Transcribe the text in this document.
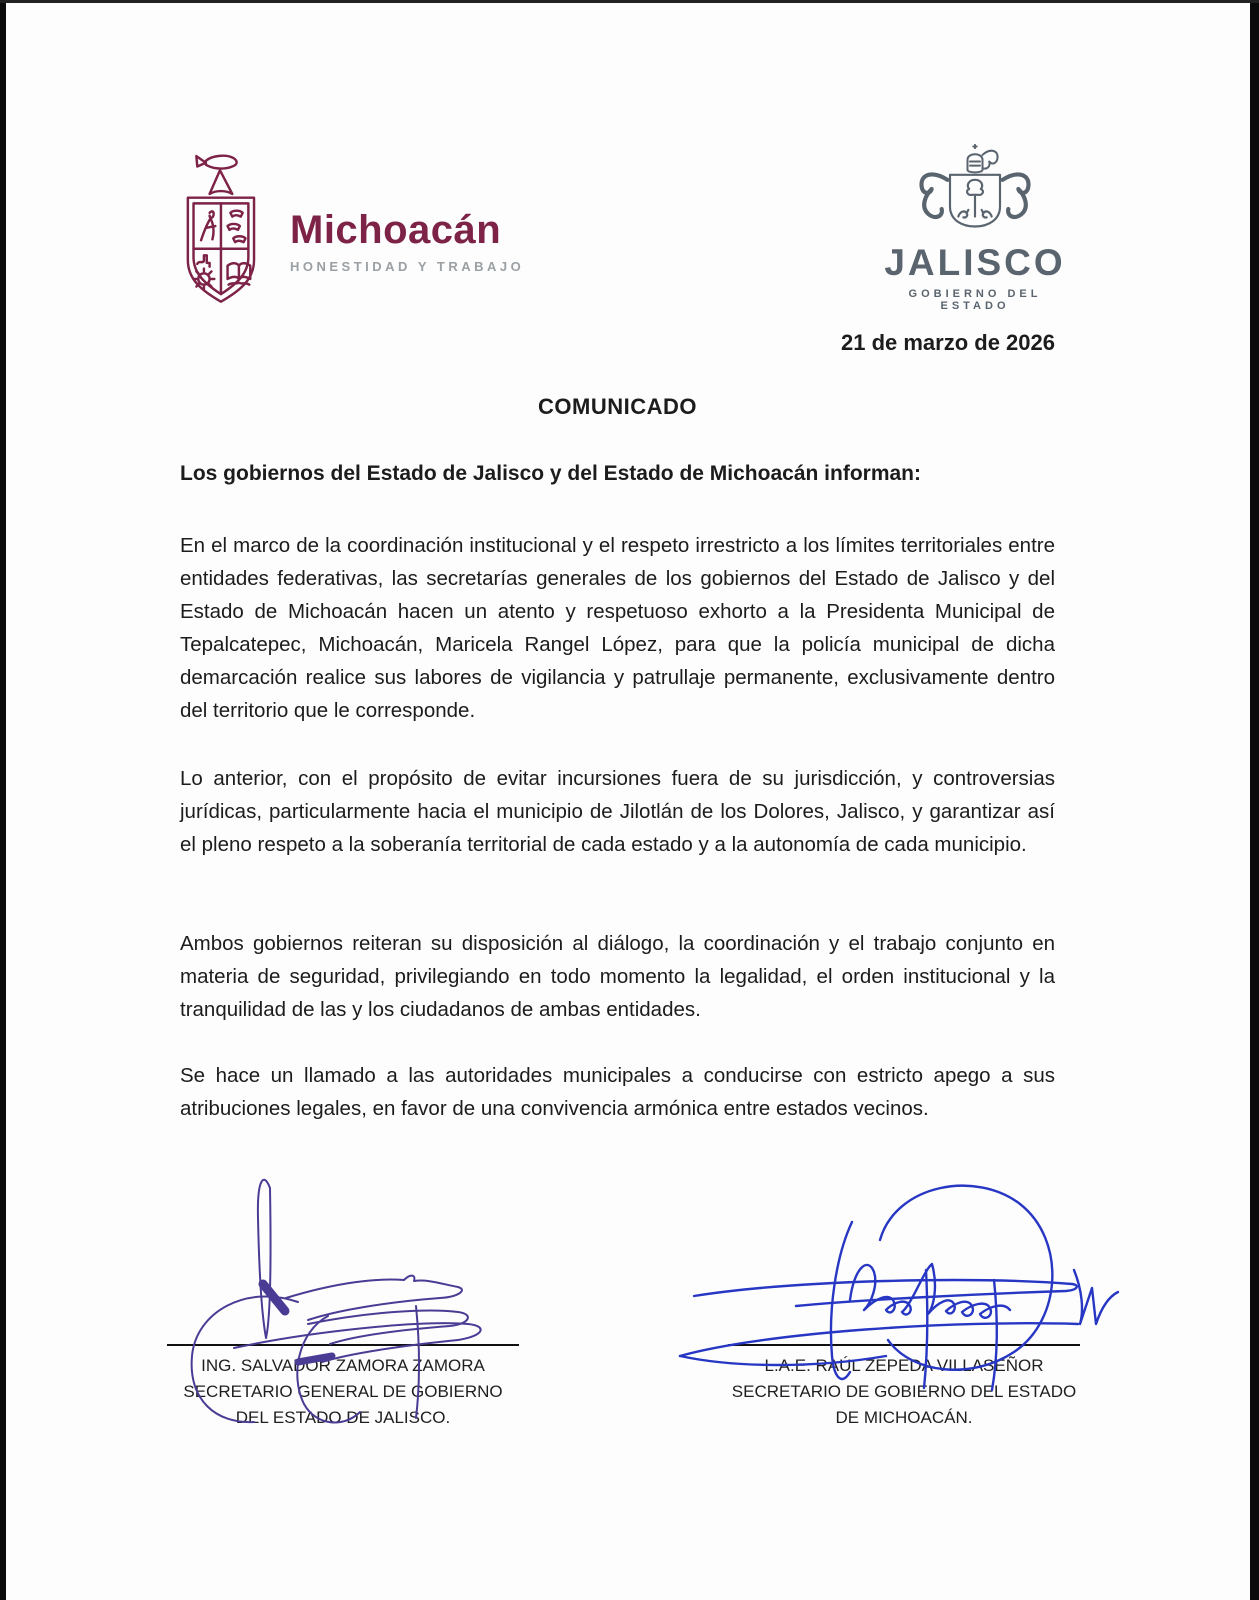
Michoacán
HONESTIDAD Y TRABAJO	JALISCO
GOBIERNO DEL ESTADO
21 de marzo de 2026
COMUNICADO
Los gobiernos del Estado de Jalisco y del Estado de Michoacán informan:

En el marco de la coordinación institucional y el respeto irrestricto a los límites territoriales entre entidades federativas, las secretarías generales de los gobiernos del Estado de Jalisco y del Estado de Michoacán hacen un atento y respetuoso exhorto a la Presidenta Municipal de Tepalcatepec, Michoacán, Maricela Rangel López, para que la policía municipal de dicha demarcación realice sus labores de vigilancia y patrullaje permanente, exclusivamente dentro del territorio que le corresponde.

Lo anterior, con el propósito de evitar incursiones fuera de su jurisdicción, y controversias jurídicas, particularmente hacia el municipio de Jilotlán de los Dolores, Jalisco, y garantizar así el pleno respeto a la soberanía territorial de cada estado y a la autonomía de cada municipio.

Ambos gobiernos reiteran su disposición al diálogo, la coordinación y el trabajo conjunto en materia de seguridad, privilegiando en todo momento la legalidad, el orden institucional y la tranquilidad de las y los ciudadanos de ambas entidades.

Se hace un llamado a las autoridades municipales a conducirse con estricto apego a sus atribuciones legales, en favor de una convivencia armónica entre estados vecinos.

ING. SALVADOR ZAMORA ZAMORA
SECRETARIO GENERAL DE GOBIERNO
DEL ESTADO DE JALISCO.
L.A.E. RAÚL ZEPEDA VILLASEÑOR
SECRETARIO DE GOBIERNO DEL ESTADO
DE MICHOACÁN.
